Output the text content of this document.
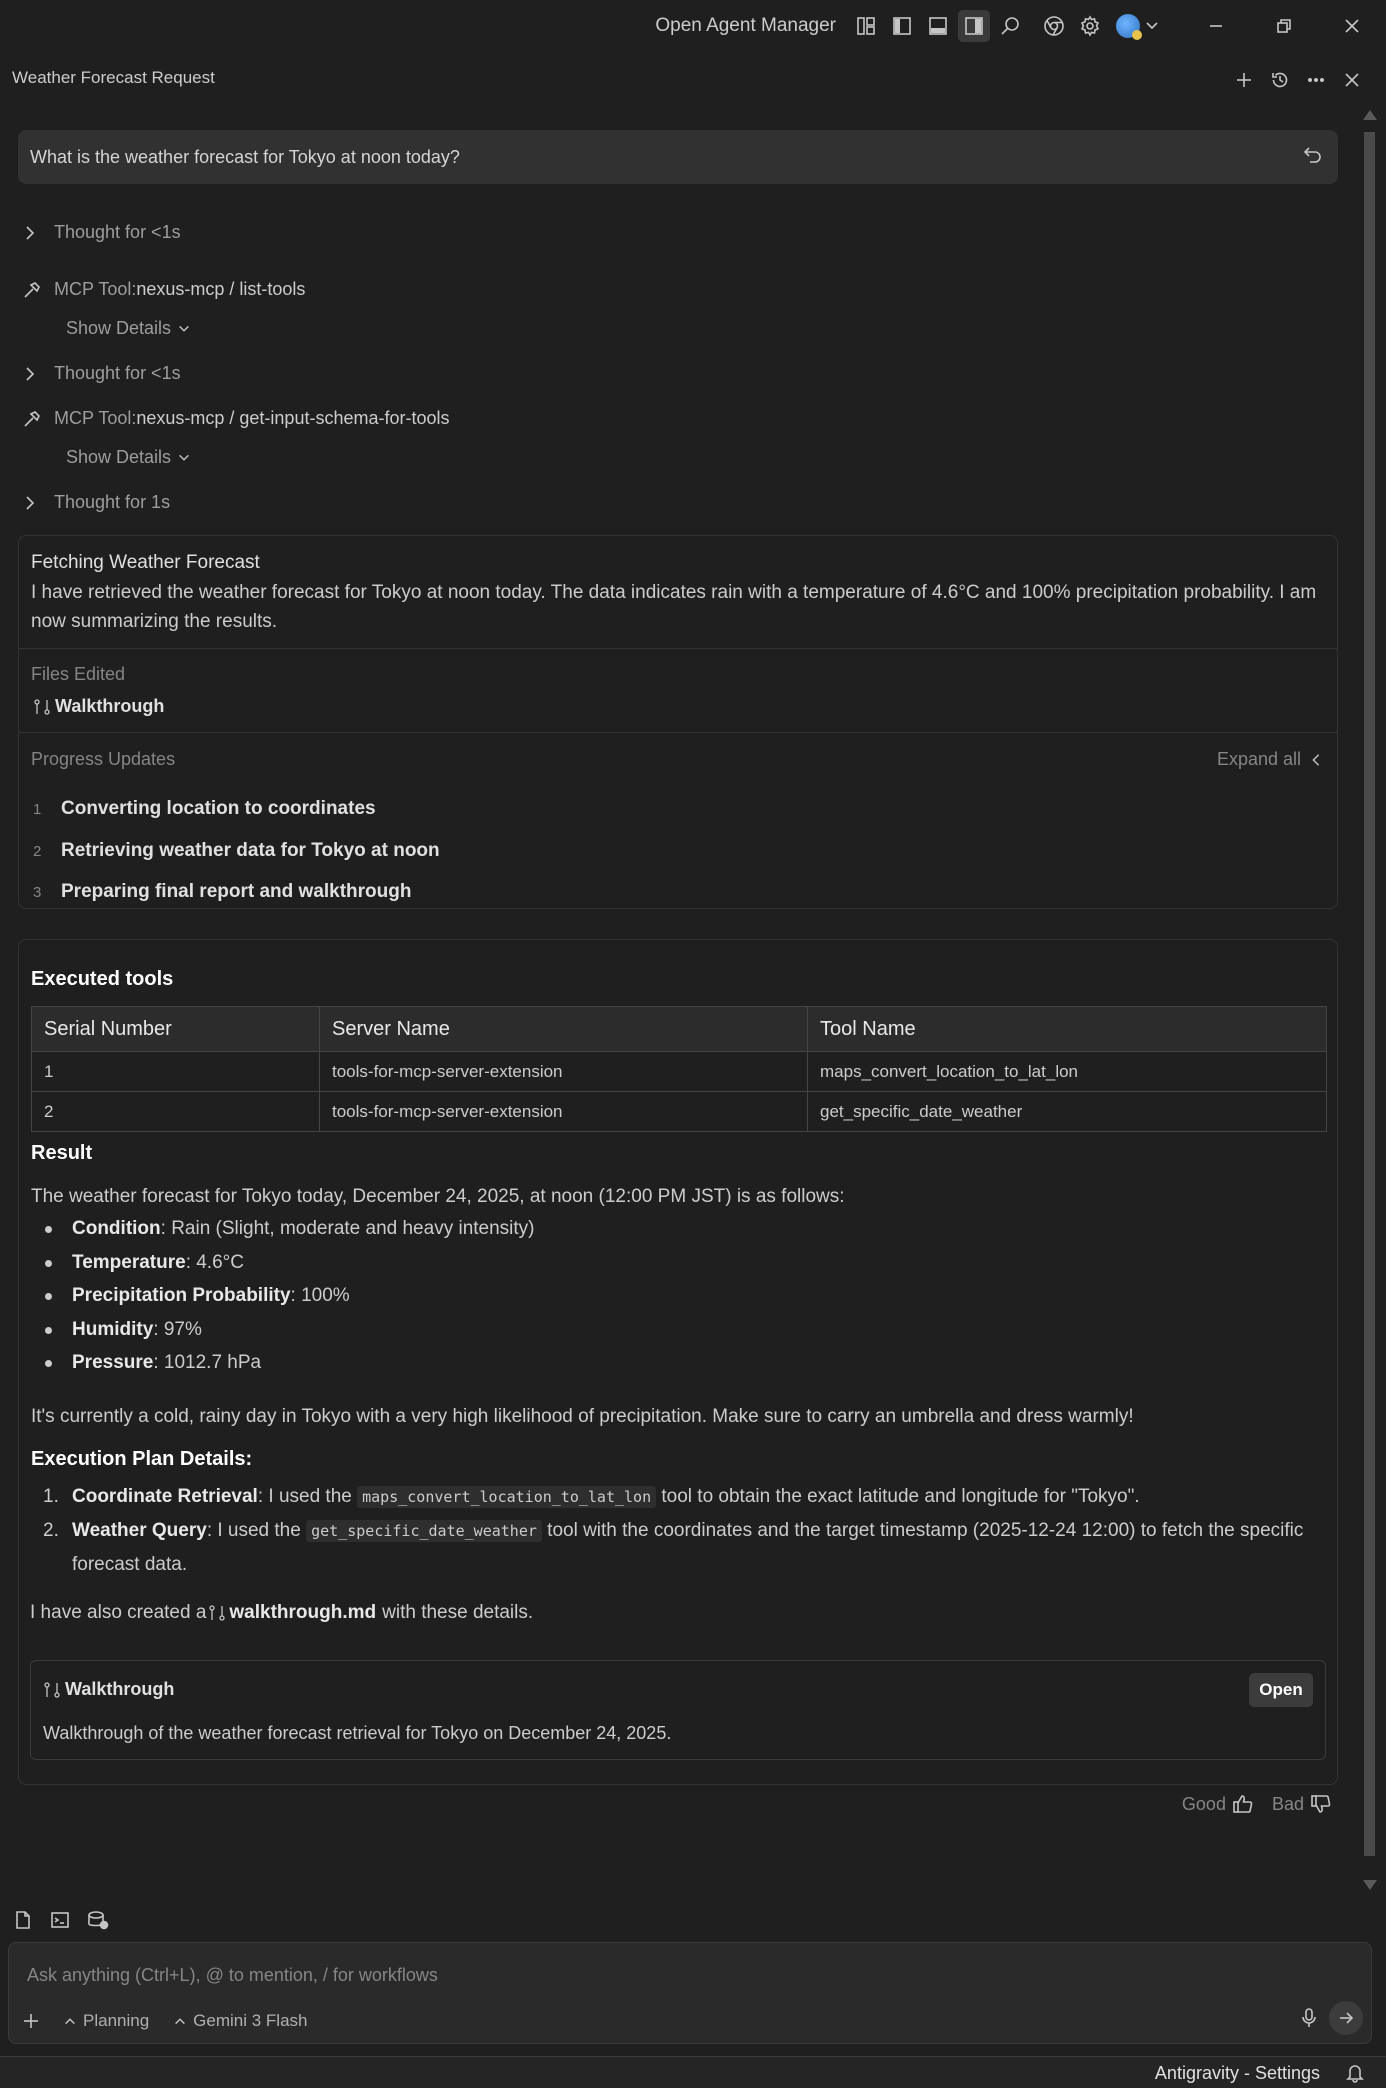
Open Agent Manager
Weather Forecast Request
What is the weather forecast for Tokyo at noon today?
Thought for <1s
MCP Tool: nexus-mcp / list-tools
Show Details
Thought for <1s
MCP Tool: nexus-mcp / get-input-schema-for-tools
Show Details
Thought for 1s
Fetching Weather Forecast
I have retrieved the weather forecast for Tokyo at noon today. The data indicates rain with a temperature of 4.6°C and 100% precipitation probability. I am now summarizing the results.
Files Edited
Walkthrough
Progress Updates	Expand all
1	Converting location to coordinates
2	Retrieving weather data for Tokyo at noon
3	Preparing final report and walkthrough
Executed tools
Serial Number	Server Name	Tool Name
1	tools-for-mcp-server-extension	maps_convert_location_to_lat_lon
2	tools-for-mcp-server-extension	get_specific_date_weather
Result
The weather forecast for Tokyo today, December 24, 2025, at noon (12:00 PM JST) is as follows:
Condition: Rain (Slight, moderate and heavy intensity)
Temperature: 4.6°C
Precipitation Probability: 100%
Humidity: 97%
Pressure: 1012.7 hPa
It's currently a cold, rainy day in Tokyo with a very high likelihood of precipitation. Make sure to carry an umbrella and dress warmly!
Execution Plan Details:
1. Coordinate Retrieval: I used the maps_convert_location_to_lat_lon tool to obtain the exact latitude and longitude for "Tokyo".
2. Weather Query: I used the get_specific_date_weather tool with the coordinates and the target timestamp (2025-12-24 12:00) to fetch the specific forecast data.
I have also created a walkthrough.md with these details.
Walkthrough	Open
Walkthrough of the weather forecast retrieval for Tokyo on December 24, 2025.
Good	Bad
Ask anything (Ctrl+L), @ to mention, / for workflows
Planning	Gemini 3 Flash
Antigravity - Settings
